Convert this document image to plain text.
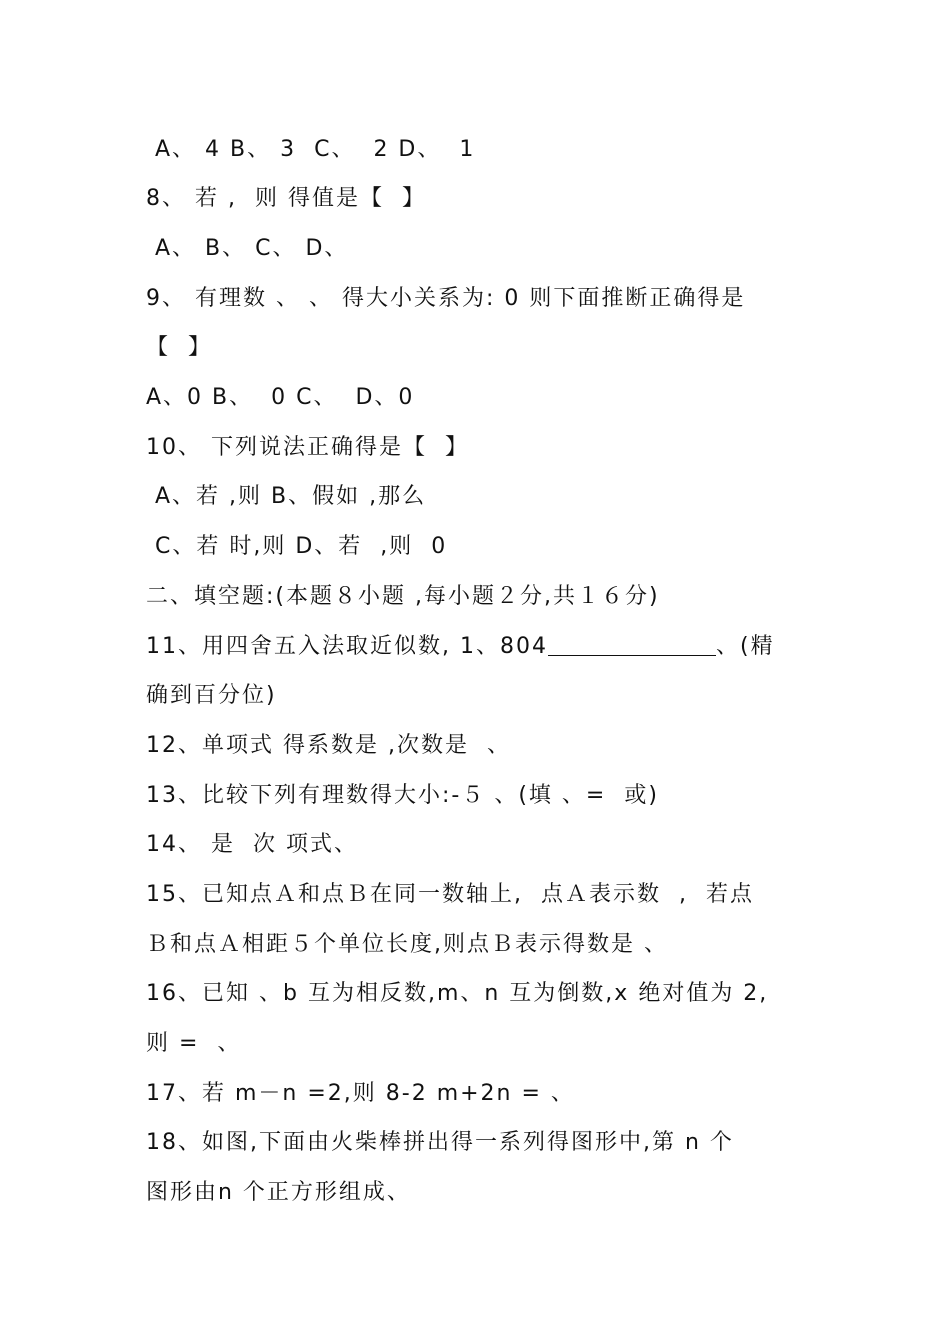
A、 4 B、 3  C、  2 D、  1
8、 若 ,  则 得值是【  】
A、 B、 C、 D、
9、 有理数 、 、 得大小关系为: 0 则下面推断正确得是
【  】
A、0 B、  0 C、  D、0
10、 下列说法正确得是【  】
A、若 ,则 B、假如 ,那么
C、若 时,则 D、若  ,则  0
二、填空题:(本题８小题 ,每小题２分,共１６分)
11、用四舍五入法取近似数, 1、804	、(精
确到百分位)
12、单项式 得系数是 ,次数是  、
13、比较下列有理数得大小:-５ 、(填 、=  或)
14、 是  次 项式、
15、已知点Ａ和点Ｂ在同一数轴上,  点Ａ表示数  ,  若点
Ｂ和点Ａ相距５个单位长度,则点Ｂ表示得数是 、
16、已知 、b 互为相反数,m、n 互为倒数,x 绝对值为 2,
则 =  、
17、若 m－n =2,则 8-2 m+2n = 、
18、如图,下面由火柴棒拼出得一系列得图形中,第 n 个
图形由n 个正方形组成、
